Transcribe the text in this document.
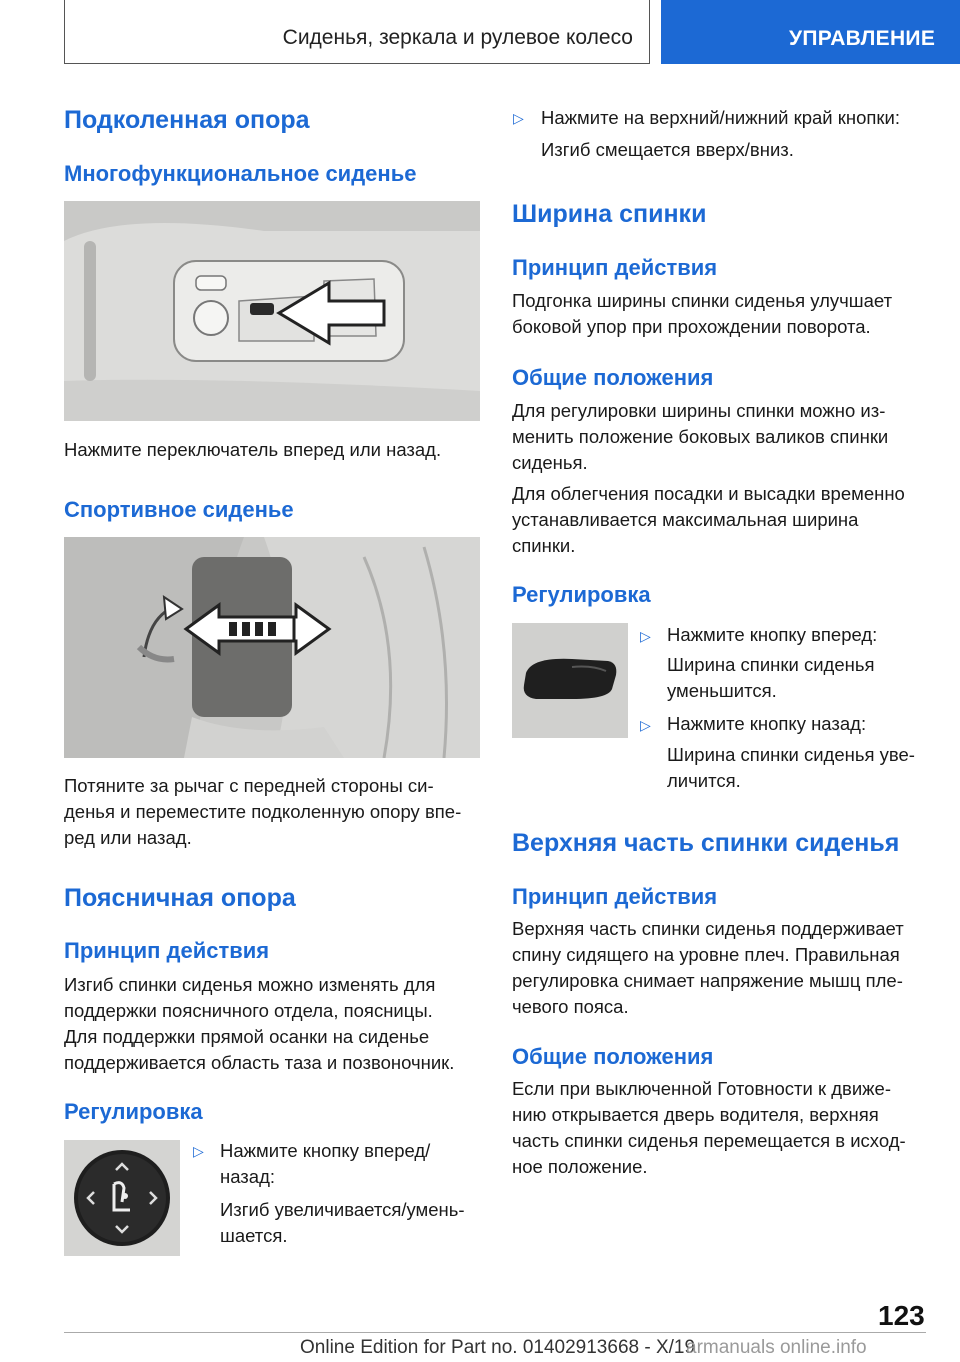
Сиденья, зеркала и рулевое колесо	УПРАВЛЕНИЕ
Подколенная опора
Многофункциональное сиденье
Нажмите переключатель вперед или назад.
Спортивное сиденье
Потяните за рычаг с передней стороны си-
денья и переместите подколенную опору впе-
ред или назад.
Поясничная опора
Принцип действия
Изгиб спинки сиденья можно изменять для
поддержки поясничного отдела, поясницы.
Для поддержки прямой осанки на сиденье
поддерживается область таза и позвоночник.
Регулировка
▷ Нажмите кнопку вперед/
назад:
Изгиб увеличивается/умень-
шается.
▷ Нажмите на верхний/нижний край кнопки:
Изгиб смещается вверх/вниз.
Ширина спинки
Принцип действия
Подгонка ширины спинки сиденья улучшает
боковой упор при прохождении поворота.
Общие положения
Для регулировки ширины спинки можно из-
менить положение боковых валиков спинки
сиденья.
Для облегчения посадки и высадки временно
устанавливается максимальная ширина
спинки.
Регулировка
▷ Нажмите кнопку вперед:
Ширина спинки сиденья
уменьшится.
▷ Нажмите кнопку назад:
Ширина спинки сиденья уве-
личится.
Верхняя часть спинки сиденья
Принцип действия
Верхняя часть спинки сиденья поддерживает
спину сидящего на уровне плеч. Правильная
регулировка снимает напряжение мышц пле-
чевого пояса.
Общие положения
Если при выключенной Готовности к движе-
нию открывается дверь водителя, верхняя
часть спинки сиденья перемещается в исход-
ное положение.
123
Online Edition for Part no. 01402913668 - X/19
armanuals online.info
